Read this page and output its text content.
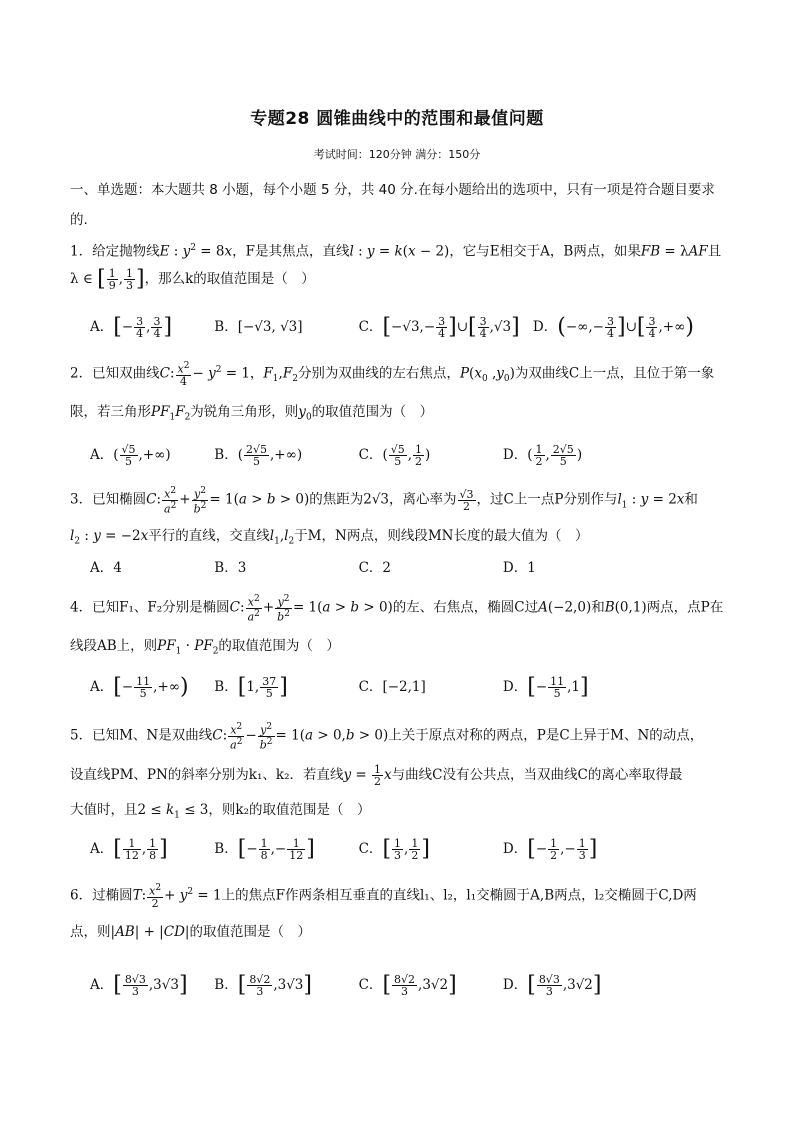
专题28 圆锥曲线中的范围和最值问题
考试时间：120分钟 满分：150分
一、单选题：本大题共 8 小题，每个小题 5 分，共 40 分.在每小题给出的选项中，只有一项是符合题目要求
的.
1．给定抛物线E : $y^2 = 8x$，F是其焦点，直线l : y = k(x − 2)，它与E相交于A，B两点，如果FB = λAF且
λ ∈ [ $\frac{1}{9}$ , $\frac{1}{3}$ ]，那么k的取值范围是（　）
A．[− $\frac{3}{4}$ , $\frac{3}{4}$ ]	B．[−√3, √3]	C．[$-√3,- \frac{3}{4}$ ]∪[ $\frac{3}{4} ,√3$] D．(−∞,− $\frac{3}{4}$ ]∪[ $\frac{3}{4}$ ,+∞)
2．已知双曲线C: $\frac{x^2}{4} - y^2 = 1$，$F_1,F_2$分别为双曲线的左右焦点，$P(x_0$ $,y_0$)为双曲线C上一点，且位于第一象
限，若三角形$PF_1F_2$为锐角三角形，则$y_0$的取值范围为（　）
A．( $\frac{√5}{5}$ ,+∞)	B．( $\frac{2√5}{5}$ ,+∞)	C．( $\frac{√5}{5}$ , $\frac{1}{2}$ )	D．( $\frac{1}{2}$ , $\frac{2√5}{5}$ )
3．已知椭圆C: $\frac{x^2}{a^2} + \frac{y^2}{b^2} = 1(a > b > 0)$的焦距为2√3，离心率为 $\frac{√3}{2}$ ，过C上一点P分别作与$l_1$ : y = 2x和
$l_2$ : y = −2x平行的直线，交直线$l_1,l_2$于M，N两点，则线段MN长度的最大值为（　）
A．4	B．3	C．2	D．1
4．已知F₁、F₂分别是椭圆C: $\frac{x^2}{a^2} + \frac{y^2}{b^2} = 1(a > b > 0)$的左、右焦点，椭圆C过A(−2,0)和B(0,1)两点，点P在
线段AB上，则$PF_1 \cdot PF_2$的取值范围为（　）
A．[− $\frac{11}{5}$ ,+∞) B．[1, $\frac{37}{5}$ ]	C．[−2,1]	D．[− $\frac{11}{5} ,1$]
5．已知M、N是双曲线C: $\frac{x^2}{a^2} - \frac{y^2}{b^2} = 1(a > 0,b > 0)$上关于原点对称的两点，P是C上异于M、N的动点，
设直线PM、PN的斜率分别为k₁、k₂．若直线$y = \frac{1}{2}$ x与曲线C没有公共点，当双曲线C的离心率取得最
大值时，且$2 \le k_1 \le 3$，则k₂的取值范围是（　）
A．[ $\frac{1}{12}$ , $\frac{1}{8}$ ]	B．[− $\frac{1}{8}$ ,− $\frac{1}{12}$ ]	C．[ $\frac{1}{3}$ , $\frac{1}{2}$ ]	D．[− $\frac{1}{2}$ ,− $\frac{1}{3}$ ]
6．过椭圆T: $\frac{x^2}{2} + y^2 = 1$上的焦点F作两条相互垂直的直线l₁、l₂，l₁交椭圆于A,B两点，l₂交椭圆于C,D两
点，则|AB| + |CD|的取值范围是（　）
A．[ $\frac{8√3}{3} ,3√3$] B．[ $\frac{8√2}{3} ,3√3$]	C．[ $\frac{8√2}{3} ,3√2$]	D．[ $\frac{8√3}{3} ,3√2$]
